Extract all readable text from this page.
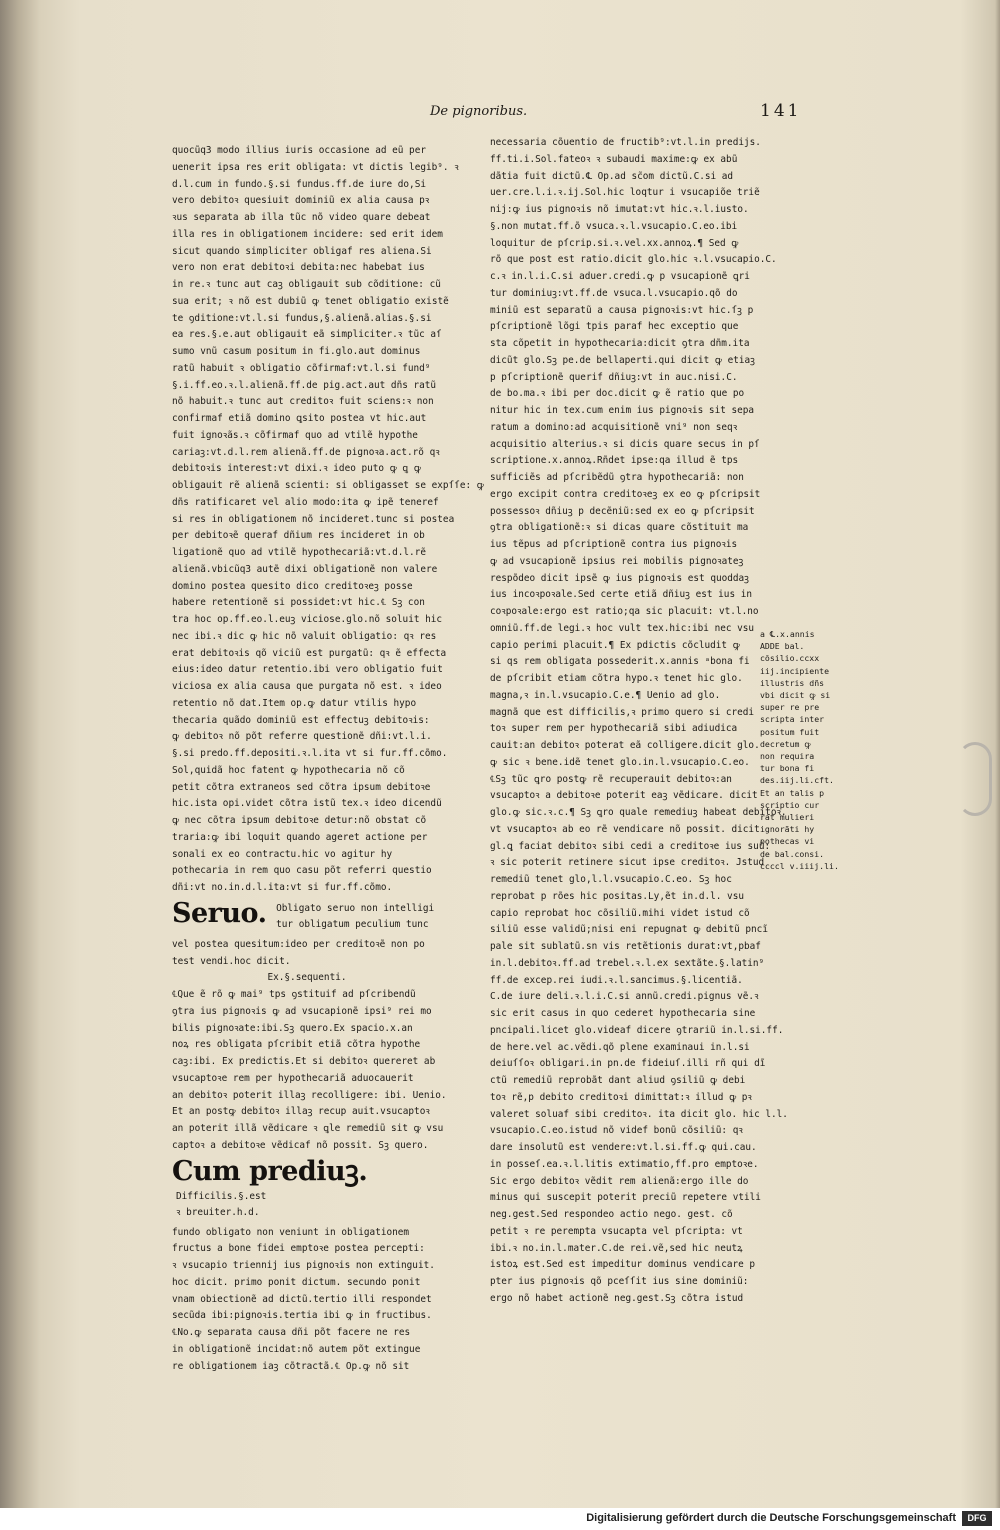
De pignoribus.	141
quocũq3 modo illius iuris occasione ad eũ per
uenerit ipsa res erit obligata: vt dictis legib⁹. ꝛ
d.l.cum in fundo.§.si fundus.ff.de iure do,Si
vero debitoꝛ quesiuit dominiũ ex alia causa pꝛ
ꝛus separata ab illa tũc nõ video quare debeat
illa res in obligationem incidere: sed erit idem
sicut quando simpliciter obligaf res aliena.Si
vero non erat debitoꝛi debita:nec habebat ius
in re.ꝛ tunc aut caꝫ obligauit sub cõditione: cũ
sua erit; ꝛ nõ est dubiũ ꝙ tenet obligatio existẽ
te ꝯditione:vt.l.si fundus,§.alienã.alias.§.si
ea res.§.e.aut obligauit eã simpliciter.ꝛ tũc aſ
sumo vnũ casum positum in fi.glo.aut dominus
ratũ habuit ꝛ obligatio cõfirmaf:vt.l.si fund⁹
§.i.ff.eo.ꝛ.l.alienã.ff.de pig.act.aut dñs ratũ
nõ habuit.ꝛ tunc aut creditoꝛ fuit sciens:ꝛ non
confirmaf etiã domino ꝗsito postea vt hic.aut
fuit ignoꝛãs.ꝛ cõfirmaf quo ad vtilẽ hypothe
cariaꝫ:vt.d.l.rem alienã.ff.de pignoꝛa.act.rõ qꝛ
debitoꝛis interest:vt dixi.ꝛ ideo puto ꝙ ꝗ ꝙ
obligauit rẽ alienã scienti: si obligasset se expſſe: ꝙ
dñs ratificaret vel alio modo:ita ꝙ ipẽ teneref
si res in obligationem nõ incideret.tunc si postea
per debitoꝛẽ queraf dñium res incideret in ob
ligationẽ quo ad vtilẽ hypothecariã:vt.d.l.rẽ
alienã.vbicũq3 autẽ dixi obligationẽ non valere
domino postea quesito dico creditoꝛeꝫ posse
habere retentionẽ si possidet:vt hic.℄ Sꝫ con
tra hoc op.ff.eo.l.euꝫ viciose.glo.nõ soluit hic
nec ibi.ꝛ dic ꝙ hic nõ valuit obligatio: qꝛ res
erat debitoꝛis qõ viciũ est purgatũ: qꝛ ẽ effecta
eius:ideo datur retentio.ibi vero obligatio fuit
viciosa ex alia causa que purgata nõ est. ꝛ ideo
retentio nõ dat.Item op.ꝙ datur vtilis hypo
thecaria quãdo dominiũ est effectuꝫ debitoꝛis:
ꝙ debitoꝛ nõ põt referre questionẽ dñi:vt.l.i.
§.si predo.ff.depositi.ꝛ.l.ita vt si fur.ff.cõmo.
Sol,quidã hoc fatent ꝙ hypothecaria nõ cõ
petit cõtra extraneos sed cõtra ipsum debitoꝛe
hic.ista opi.videt cõtra istũ tex.ꝛ ideo dicendũ
ꝙ nec cõtra ipsum debitoꝛe detur:nõ obstat cõ
traria:ꝙ ibi loquit quando ageret actione per
sonali ex eo contractu.hic vo agitur hy
pothecaria in rem quo casu põt referri questio
dñi:vt no.in.d.l.ita:vt si fur.ff.cõmo.
Seruo. Obligato seruo non intelligi
tur obligatum peculium tunc
vel postea quesitum:ideo per creditoꝛẽ non po
test vendi.hoc dicit.
Ex.§.sequenti.
℄Que ẽ rõ ꝙ mai⁹ tps ꝯstituif ad pſcribendũ
ꝯtra ius pignoꝛis ꝙ ad vsucapionẽ ipsi⁹ rei mo
bilis pignoꝛate:ibi.Sꝫ quero.Ex spacio.x.an
noꝝ res obligata pſcribit etiã cõtra hypothe
caꝫ:ibi. Ex predictis.Et si debitoꝛ quereret ab
vsucaptoꝛe rem per hypothecariã aduocauerit
an debitoꝛ poterit illaꝫ recolligere: ibi. Uenio.
Et an postꝙ debitoꝛ illaꝫ recup auit.vsucaptoꝛ
an poterit illã vẽdicare ꝛ ꝗle remediũ sit ꝙ vsu
captoꝛ a debitoꝛe vẽdicaf nõ possit. Sꝫ quero.
Cum prediuꝫ.
Difficilis.§.est
ꝛ breuiter.h.d.
fundo obligato non veniunt in obligationem
fructus a bone fidei emptoꝛe postea percepti:
ꝛ vsucapio triennij ius pignoꝛis non extinguit.
hoc dicit. primo ponit dictum. secundo ponit
vnam obiectionẽ ad dictũ.tertio illi respondet
secũda ibi:pignoꝛis.tertia ibi ꝙ in fructibus.
℄No.ꝙ separata causa dñi põt facere ne res
in obligationẽ incidat:nõ autem põt extingue
re obligationem iaꝫ cõtractã.℄ Op.ꝙ nõ sit
necessaria cõuentio de fructib⁹:vt.l.in predijs.
ff.ti.i.Sol.fateoꝛ ꝛ subaudi maxime:ꝙ ex abũ
dãtia fuit dictũ.℄ Op.ad sc̃om dictũ.C.si ad
uer.cre.l.i.ꝛ.ij.Sol.hic loqtur i vsucapiõe triẽ
nij:ꝙ ius pignoꝛis nõ imutat:vt hic.ꝛ.l.iusto.
§.non mutat.ff.õ vsuca.ꝛ.l.vsucapio.C.eo.ibi
loquitur de pſcrip.si.ꝛ.vel.xx.annoꝝ.¶ Sed ꝙ
rõ que post est ratio.dicit glo.hic ꝛ.l.vsucapio.C.
c.ꝛ in.l.i.C.si aduer.credi.ꝙ p vsucapionẽ ꝗri
tur dominiuꝫ:vt.ff.de vsuca.l.vsucapio.qõ do
miniũ est separatũ a causa pignoꝛis:vt hic.ſꝫ p
pſcriptionẽ lõgi tpis paraf hec exceptio que
sta cõpetit in hypothecaria:dicit ꝯtra dñm.ita
dicũt glo.Sꝫ pe.de bellaperti.qui dicit ꝙ etiaꝫ
p pſcriptionẽ querif dñiuꝫ:vt in auc.nisi.C.
de bo.ma.ꝛ ibi per doc.dicit ꝙ ẽ ratio que po
nitur hic in tex.cum enim ius pignoꝛis sit sepa
ratum a domino:ad acquisitionẽ vni⁹ non seqꝛ
acquisitio alterius.ꝛ si dicis quare secus in pſ
scriptione.x.annoꝝ.Rñdet ipse:qa illud ẽ tps
sufficiẽs ad pſcribẽdũ ꝯtra hypothecariã: non
ergo excipit contra creditoꝛeꝫ ex eo ꝙ pſcripsit
possessoꝛ dñiuꝫ p decẽniũ:sed ex eo ꝙ pſcripsit
ꝯtra obligationẽ:ꝛ si dicas quare cõstituit ma
ius tẽpus ad pſcriptionẽ contra ius pignoꝛis
ꝙ ad vsucapionẽ ipsius rei mobilis pignoꝛateꝫ
respõdeo dicit ipsẽ ꝙ ius pignoꝛis est quoddaꝫ
ius incoꝛpoꝛale.Sed certe etiã dñiuꝫ est ius in
coꝛpoꝛale:ergo est ratio;qa sic placuit: vt.l.no
omniũ.ff.de legi.ꝛ hoc vult tex.hic:ibi nec vsu
capio perimi placuit.¶ Ex pdictis cõcludit ꝙ
si qs rem obligata possederit.x.annis ᵃbona fi
de pſcribit etiam cõtra hypo.ꝛ tenet hic glo.
magna,ꝛ in.l.vsucapio.C.e.¶ Uenio ad glo.
magnã que est difficilis,ꝛ primo quero si credi
toꝛ super rem per hypothecariã sibi adiudica
cauit:an debitoꝛ poterat eã colligere.dicit glo.
ꝙ sic ꝛ bene.idẽ tenet glo.in.l.vsucapio.C.eo.
℄Sꝫ tũc ꝗro postꝙ rẽ recuperauit debitoꝛ:an
vsucaptoꝛ a debitoꝛe poterit eaꝫ vẽdicare. dicit
glo.ꝙ sic.ꝛ.c.¶ Sꝫ ꝗro quale remediuꝫ habeat debitoꝛ.
vt vsucaptoꝛ ab eo rẽ vendicare nõ possit. dicit
gl.ꝗ faciat debitoꝛ sibi cedi a creditoꝛe ius suũ:
ꝛ sic poterit retinere sicut ipse creditoꝛ. Jstud
remediũ tenet glo,l.l.vsucapio.C.eo. Sꝫ hoc
reprobat p rões hic positas.Ly,ẽt in.d.l. vsu
capio reprobat hoc cõsiliũ.mihi videt istud cõ
siliũ esse validũ;nisi eni repugnat ꝙ debitũ pncĩ
pale sit sublatũ.sn vis retẽtionis durat:vt,pbaf
in.l.debitoꝛ.ff.ad trebel.ꝛ.l.ex sextãte.§.latin⁹
ff.de excep.rei iudi.ꝛ.l.sancimus.§.licentiã.
C.de iure deli.ꝛ.l.i.C.si annũ.credi.pignus vẽ.ꝛ
sic erit casus in quo cederet hypothecaria sine
pncipali.licet glo.videaf dicere ꝯtrariũ in.l.si.ff.
de here.vel ac.vẽdi.qõ plene examinaui in.l.si
deiuſſoꝛ obligari.in pn.de fideiuſ.illi rñ qui dĩ
ctũ remediũ reprobãt dant aliud ꝯsiliũ ꝙ debi
toꝛ rẽ,p debito creditoꝛi dimittat:ꝛ illud ꝙ pꝛ
valeret soluaf sibi creditoꝛ. ita dicit glo. hic l.l.
vsucapio.C.eo.istud nõ videf bonũ cõsiliũ: qꝛ
dare insolutũ est vendere:vt.l.si.ff.ꝙ qui.cau.
in posseſ.ea.ꝛ.l.litis extimatio,ff.pro emptoꝛe.
Sic ergo debitoꝛ vẽdit rem alienã:ergo ille do
minus qui suscepit poterit preciũ repetere vtili
neg.gest.Sed respondeo actio nego. gest. cõ
petit ꝛ re perempta vsucapta vel pſcripta: vt
ibi.ꝛ no.in.l.mater.C.de rei.vẽ,sed hic neutꝝ
istoꝝ est.Sed est impeditur dominus vendicare p
pter ius pignoꝛis qõ pceſſit ius sine dominiũ:
ergo nõ habet actionẽ neg.gest.Sꝫ cõtra istud
a ℄.x.annis
ADDE bal.
cõsilio.ccxx
iij.incipiente
illustris dñs
vbi dicit ꝙ si
super re pre
scripta inter
positum fuit
decretum ꝙ
non requira
tur bona fi
des.iij.li.cft.
Et an talis p
scriptio cur
rat mulieri
ignorãti hy
pothecas vi
de bal.consi.
ccccl v.iiij.li.
Digitalisierung gefördert durch die Deutsche Forschungsgemeinschaft	DFG
